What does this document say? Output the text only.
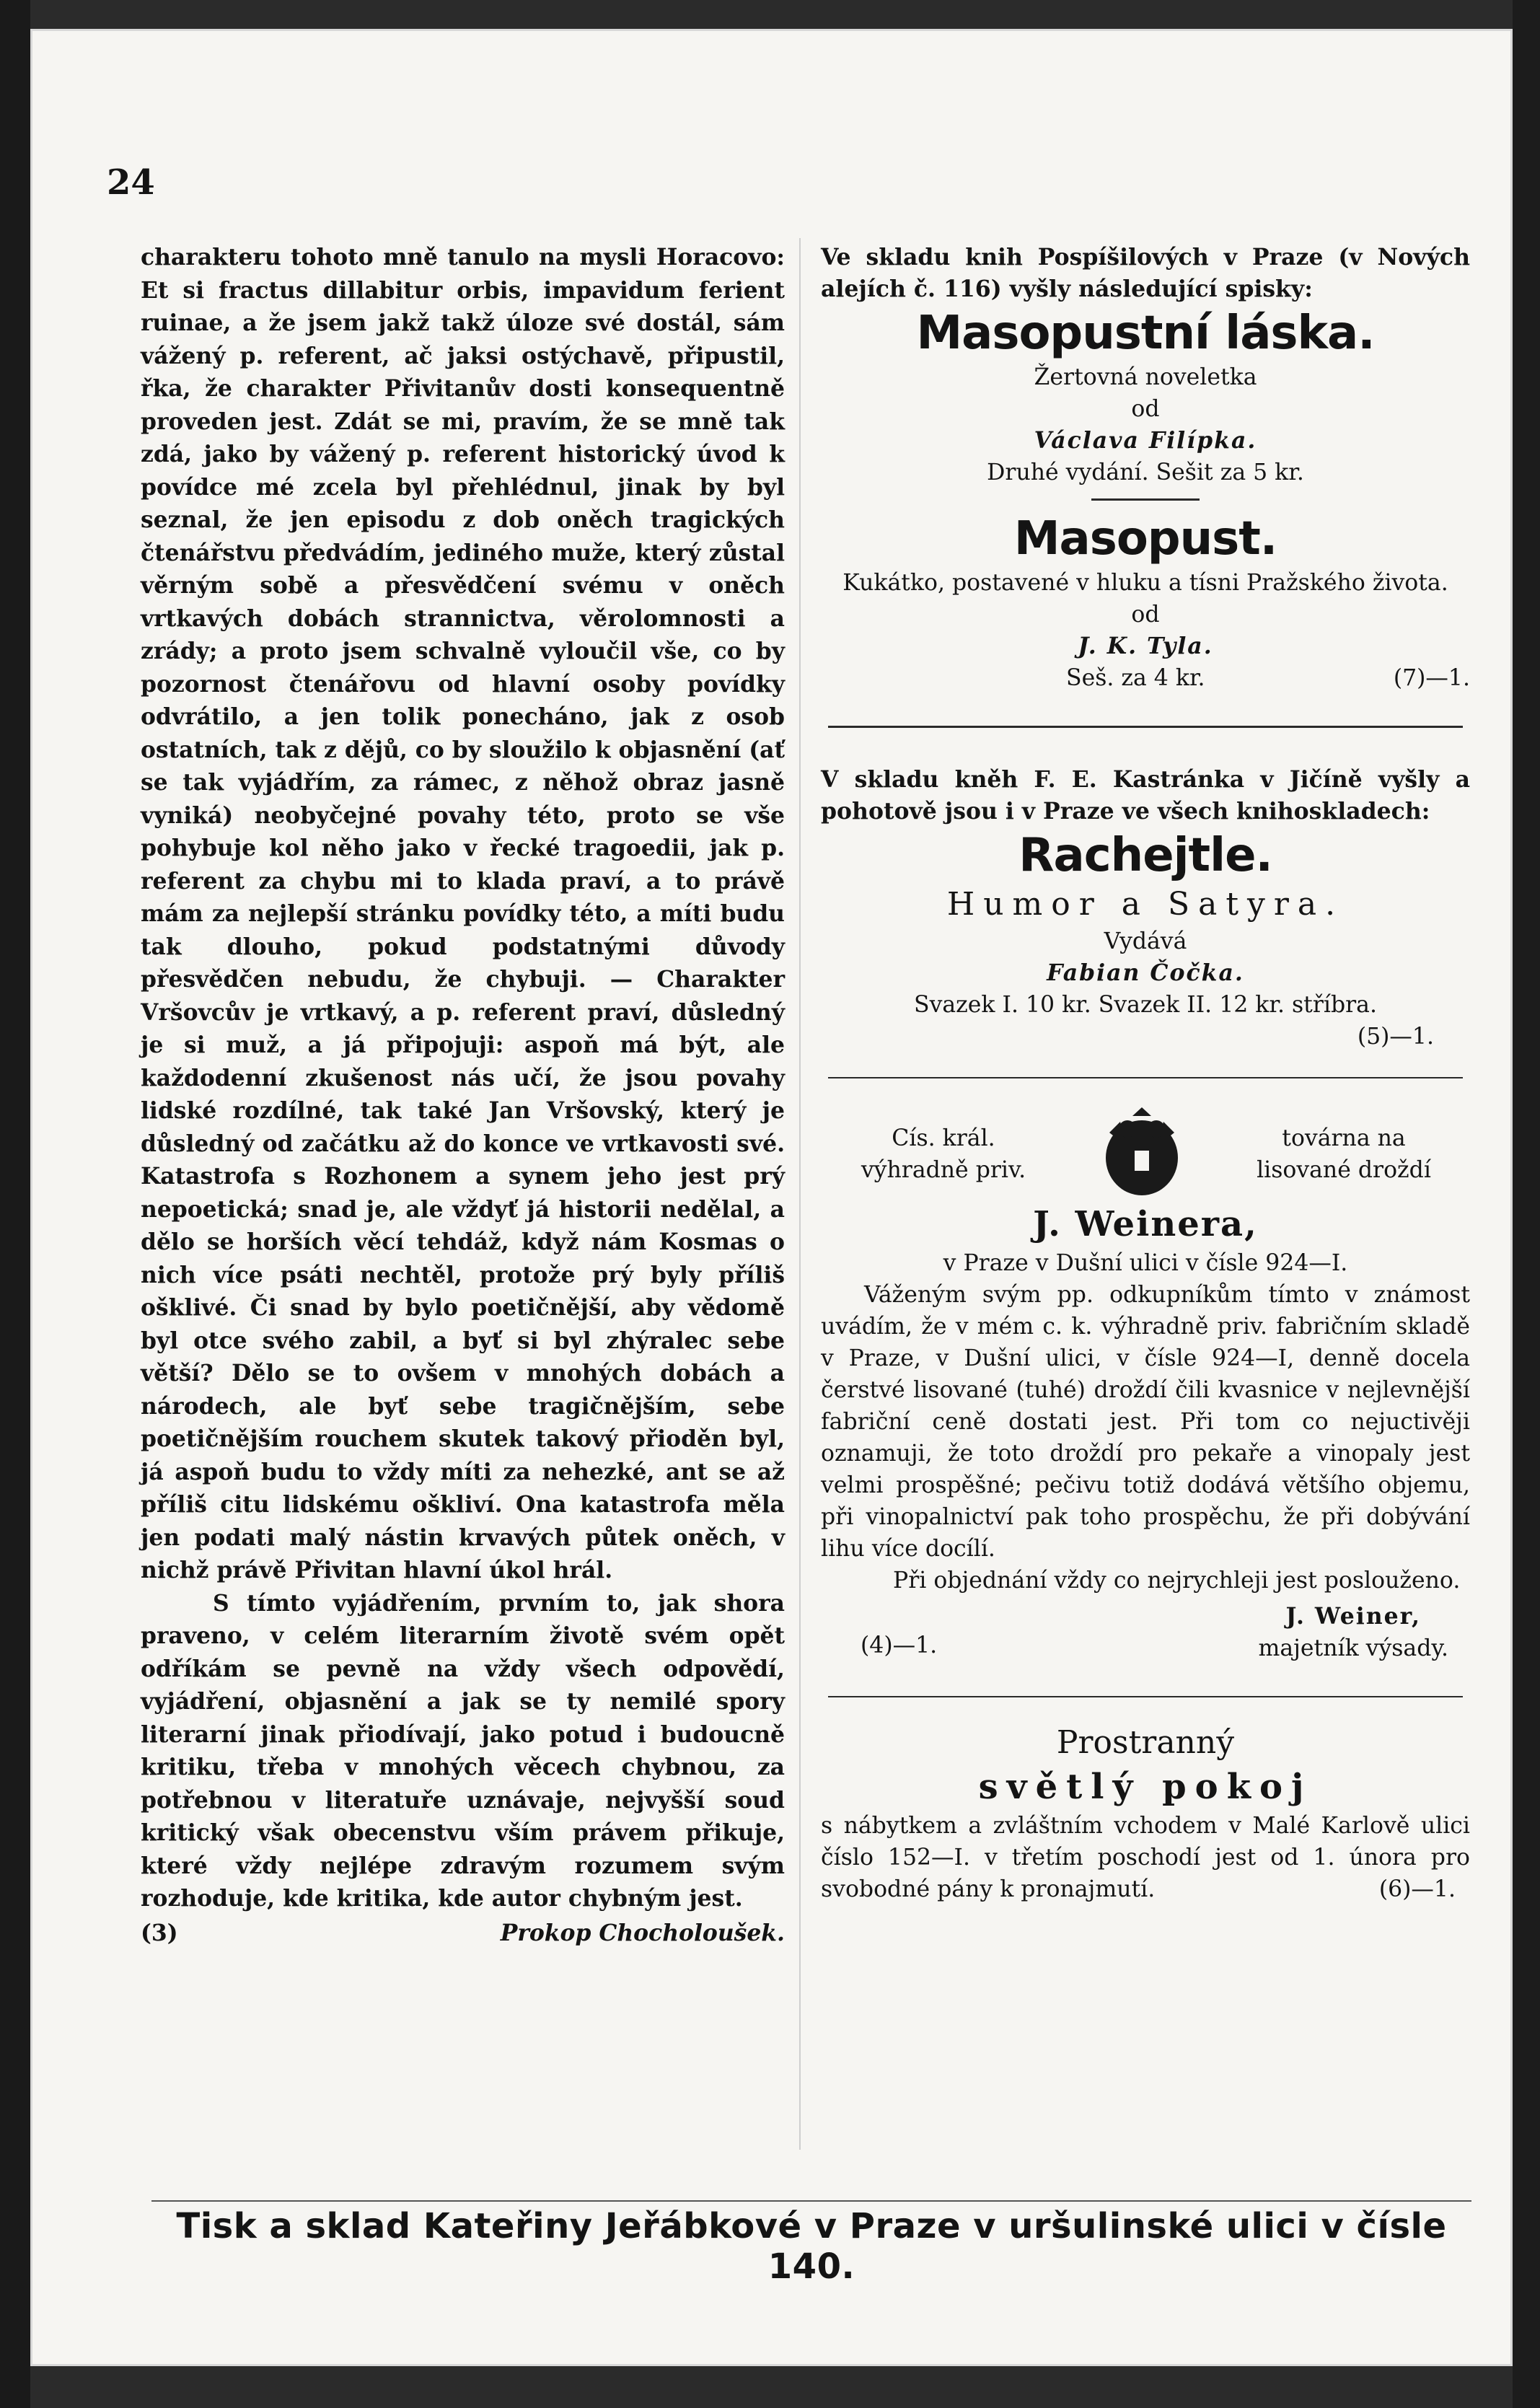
24

charakteru tohoto mně tanulo na mysli Horacovo: Et si fractus dillabitur orbis, impavidum ferient ruinae, a že jsem jakž takž úloze své dostál, sám vážený p. referent, ač jaksi ostýchavě, připustil, řka, že charakter Přivitanův dosti konsequentně proveden jest. Zdát se mi, pravím, že se mně tak zdá, jako by vážený p. referent historický úvod k povídce mé zcela byl přehlédnul, jinak by byl seznal, že jen episodu z dob oněch tragických čtenářstvu předvádím, jediného muže, který zůstal věrným sobě a přesvědčení svému v oněch vrtkavých dobách strannictva, věrolomnosti a zrády; a proto jsem schvalně vyloučil vše, co by pozornost čtenářovu od hlavní osoby povídky odvrátilo, a jen tolik ponecháno, jak z osob ostatních, tak z dějů, co by sloužilo k objasnění (ať se tak vyjádřím, za rámec, z něhož obraz jasně vyniká) neobyčejné povahy této, proto se vše pohybuje kol něho jako v řecké tragoedii, jak p. referent za chybu mi to klada praví, a to právě mám za nejlepší stránku povídky této, a míti budu tak dlouho, pokud podstatnými důvody přesvědčen nebudu, že chybuji. — Charakter Vršovcův je vrtkavý, a p. referent praví, důsledný je si muž, a já připojuji: aspoň má být, ale každodenní zkušenost nás učí, že jsou povahy lidské rozdílné, tak také Jan Vršovský, který je důsledný od začátku až do konce ve vrtkavosti své. Katastrofa s Rozhonem a synem jeho jest prý nepoetická; snad je, ale vždyť já historii nedělal, a dělo se horších věcí tehdáž, když nám Kosmas o nich více psáti nechtěl, protože prý byly příliš ošklivé. Či snad by bylo poetičnější, aby vědomě byl otce svého zabil, a byť si byl zhýralec sebe větší? Dělo se to ovšem v mnohých dobách a národech, ale byť sebe tragičnějším, sebe poetičnějším rouchem skutek takový přioděn byl, já aspoň budu to vždy míti za nehezké, ant se až příliš citu lidskému oškliví. Ona katastrofa měla jen podati malý nástin krvavých půtek oněch, v nichž právě Přivitan hlavní úkol hrál.

S tímto vyjádřením, prvním to, jak shora praveno, v celém literarním životě svém opět odříkám se pevně na vždy všech odpovědí, vyjádření, objasnění a jak se ty nemilé spory literarní jinak přiodívají, jako potud i budoucně kritiku, třeba v mnohých věcech chybnou, za potřebnou v literatuře uznávaje, nejvyšší soud kritický však obecenstvu vším právem přikuje, které vždy nejlépe zdravým rozumem svým rozhoduje, kde kritika, kde autor chybným jest.

(3)	Prokop Chocholoušek.
Ve skladu knih Pospíšilových v Praze (v Nových alejích č. 116) vyšly následující spisky:
Masopustní láska.
Žertovná noveletka
od
Václava Filípka.
Druhé vydání. Sešit za 5 kr.
Masopust.
Kukátko, postavené v hluku a tísni Pražského života.
od
J. K. Tyla.
Seš. za 4 kr.	(7)—1.
V skladu kněh F. E. Kastránka v Jičíně vyšly a pohotově jsou i v Praze ve všech knihoskladech:
Rachejtle.
Humor a Satyra.
Vydává
Fabian Čočka.
Svazek I. 10 kr. Svazek II. 12 kr. stříbra.
(5)—1.
Cís. král. výhradně priv.
továrna na lisované droždí
J. Weinera,
v Praze v Dušní ulici v čísle 924—I.
Váženým svým pp. odkupníkům tímto v známost uvádím, že v mém c. k. výhradně priv. fabričním skladě v Praze, v Dušní ulici, v čísle 924—I, denně docela čerstvé lisované (tuhé) droždí čili kvasnice v nejlevnější fabriční ceně dostati jest. Při tom co nejuctivěji oznamuji, že toto droždí pro pekaře a vinopaly jest velmi prospěšné; pečivu totiž dodává většího objemu, při vinopalnictví pak toho prospěchu, že při dobývání lihu více docílí.
Při objednání vždy co nejrychleji jest poslouženo.
(4)—1.
J. Weiner,
majetník výsady.
Prostranný
světlý pokoj
s nábytkem a zvláštním vchodem v Malé Karlově ulici číslo 152—I. v třetím poschodí jest od 1. února pro svobodné pány k pronajmutí.	(6)—1.
Tisk a sklad Kateřiny Jeřábkové v Praze v uršulinské ulici v čísle 140.
